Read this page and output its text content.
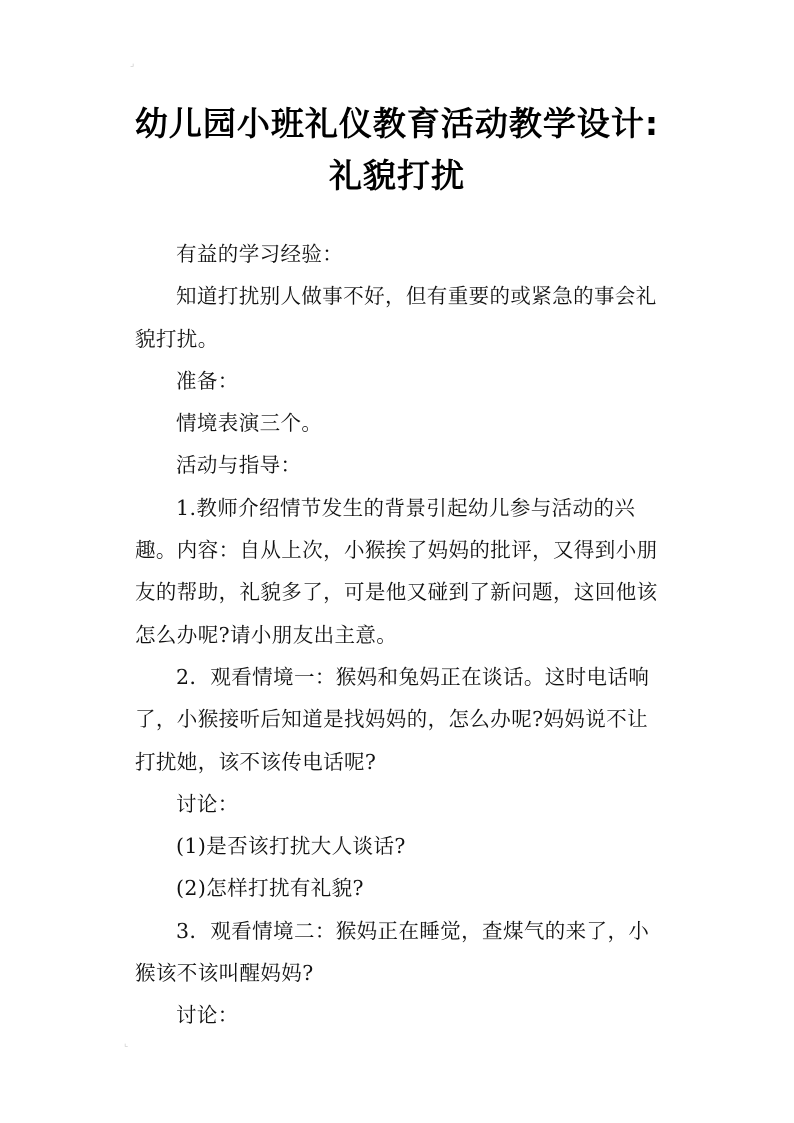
⌟
幼儿园小班礼仪教育活动教学设计:礼貌打扰

有益的学习经验：

知道打扰别人做事不好，但有重要的或紧急的事会礼貌打扰。

准备：

情境表演三个。

活动与指导：

1.教师介绍情节发生的背景引起幼儿参与活动的兴趣。内容：自从上次，小猴挨了妈妈的批评，又得到小朋友的帮助，礼貌多了，可是他又碰到了新问题，这回他该怎么办呢?请小朋友出主意。

2．观看情境一：猴妈和兔妈正在谈话。这时电话响了，小猴接听后知道是找妈妈的，怎么办呢?妈妈说不让打扰她，该不该传电话呢?

讨论：

(1)是否该打扰大人谈话?

(2)怎样打扰有礼貌?

3．观看情境二：猴妈正在睡觉，查煤气的来了，小猴该不该叫醒妈妈?

讨论：

⌞
